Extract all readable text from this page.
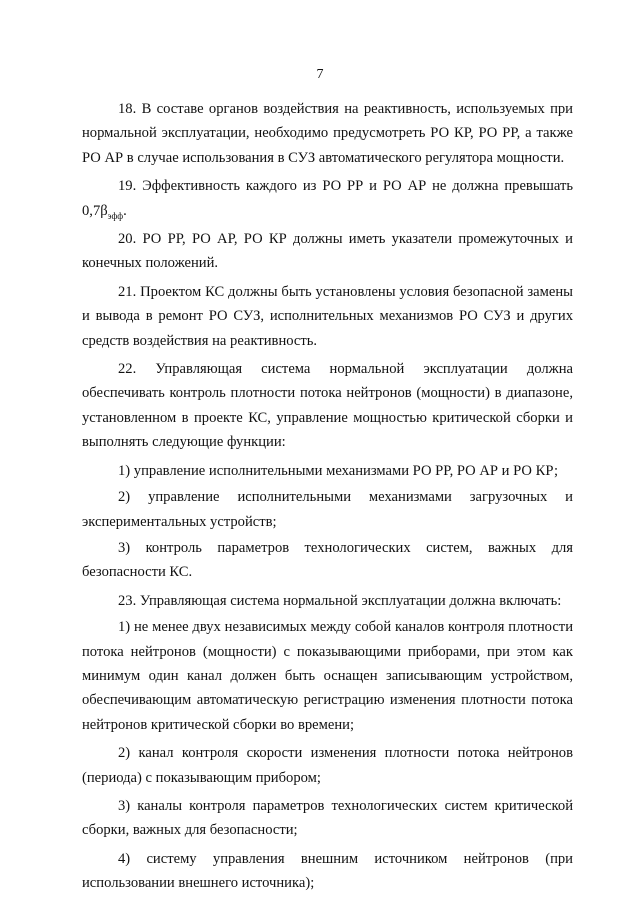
7

18. В составе органов воздействия на реактивность, используемых при нормальной эксплуатации, необходимо предусмотреть РО КР, РО РР, а также РО АР в случае использования в СУЗ автоматического регулятора мощности.

19. Эффективность каждого из РО РР и РО АР не должна превышать $0,7\beta_{эфф}$.

20. РО РР, РО АР, РО КР должны иметь указатели промежуточных и конечных положений.

21. Проектом КС должны быть установлены условия безопасной замены и вывода в ремонт РО СУЗ, исполнительных механизмов РО СУЗ и других средств воздействия на реактивность.

22. Управляющая система нормальной эксплуатации должна обеспечивать контроль плотности потока нейтронов (мощности) в диапазоне, установленном в проекте КС, управление мощностью критической сборки и выполнять следующие функции:

1) управление исполнительными механизмами РО РР, РО АР и РО КР;

2) управление исполнительными механизмами загрузочных и экспериментальных устройств;

3) контроль параметров технологических систем, важных для безопасности КС.

23. Управляющая система нормальной эксплуатации должна включать:

1) не менее двух независимых между собой каналов контроля плотности потока нейтронов (мощности) с показывающими приборами, при этом как минимум один канал должен быть оснащен записывающим устройством, обеспечивающим автоматическую регистрацию изменения плотности потока нейтронов критической сборки во времени;

2) канал контроля скорости изменения плотности потока нейтронов (периода) с показывающим прибором;

3) каналы контроля параметров технологических систем критической сборки, важных для безопасности;

4) систему управления внешним источником нейтронов (при использовании внешнего источника);
